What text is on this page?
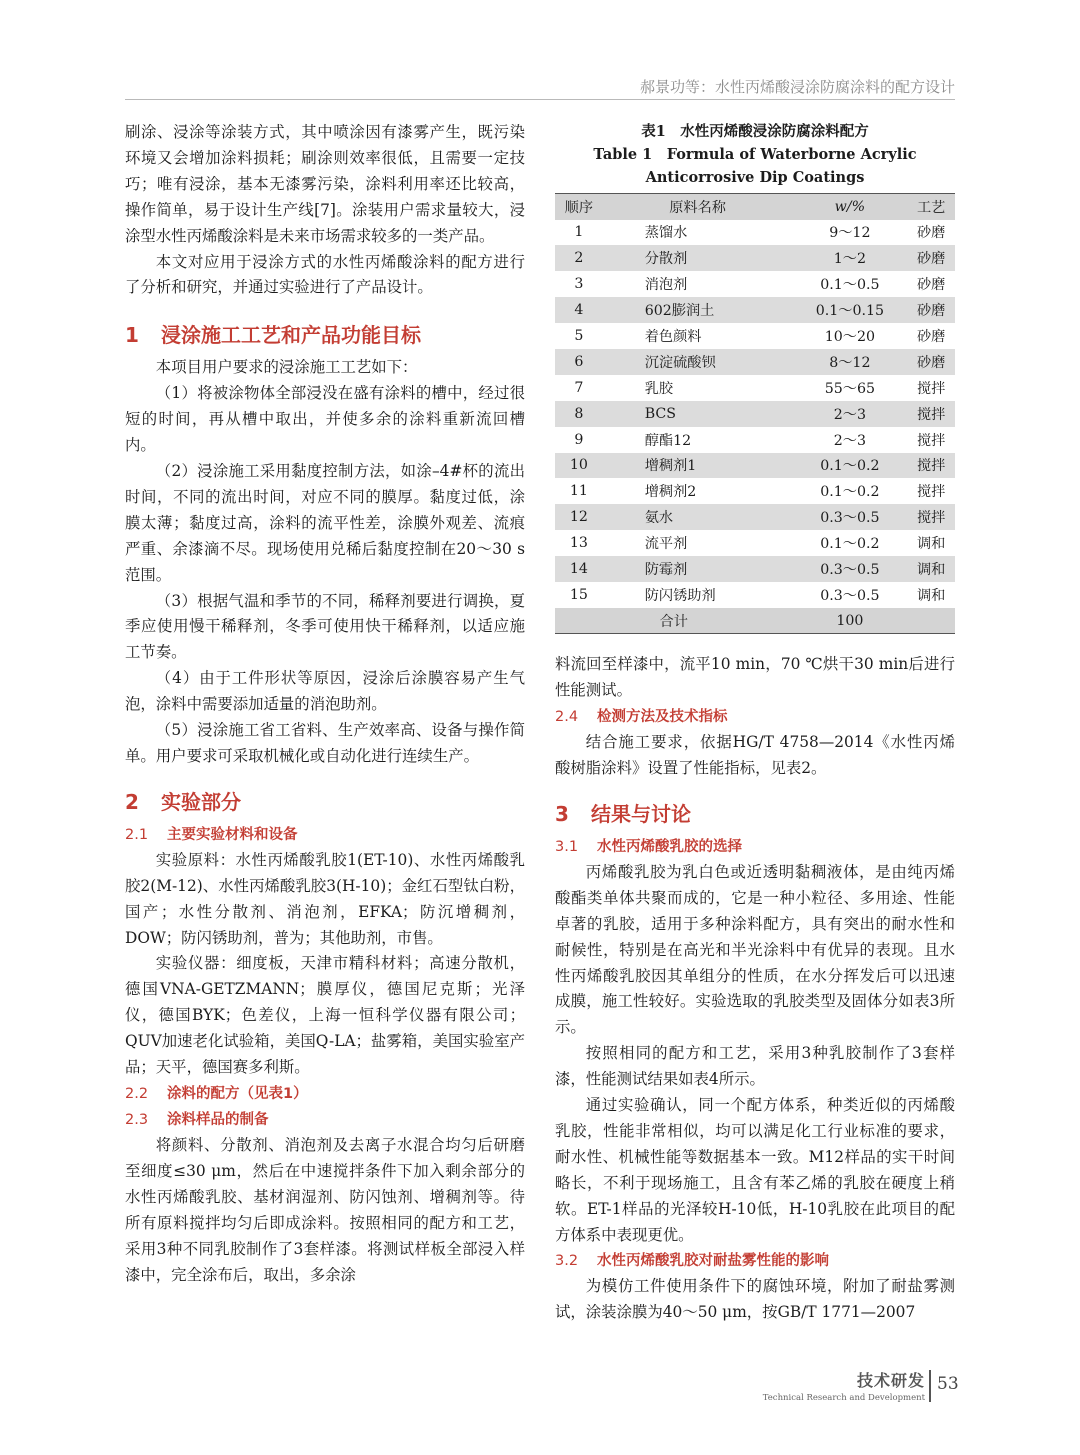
郝景功等：水性丙烯酸浸涂防腐涂料的配方设计

刷涂、浸涂等涂装方式，其中喷涂因有漆雾产生，既污染环境又会增加涂料损耗；刷涂则效率很低，且需要一定技巧；唯有浸涂，基本无漆雾污染，涂料利用率还比较高，操作简单，易于设计生产线[7]。涂装用户需求量较大，浸涂型水性丙烯酸涂料是未来市场需求较多的一类产品。

本文对应用于浸涂方式的水性丙烯酸涂料的配方进行了分析和研究，并通过实验进行了产品设计。

1 浸涂施工工艺和产品功能目标

本项目用户要求的浸涂施工工艺如下：

（1）将被涂物体全部浸没在盛有涂料的槽中，经过很短的时间，再从槽中取出，并使多余的涂料重新流回槽内。

（2）浸涂施工采用黏度控制方法，如涂–4#杯的流出时间，不同的流出时间，对应不同的膜厚。黏度过低，涂膜太薄；黏度过高，涂料的流平性差，涂膜外观差、流痕严重、余漆滴不尽。现场使用兑稀后黏度控制在20～30 s范围。

（3）根据气温和季节的不同，稀释剂要进行调换，夏季应使用慢干稀释剂，冬季可使用快干稀释剂，以适应施工节奏。

（4）由于工件形状等原因，浸涂后涂膜容易产生气泡，涂料中需要添加适量的消泡助剂。

（5）浸涂施工省工省料、生产效率高、设备与操作简单。用户要求可采取机械化或自动化进行连续生产。

2 实验部分
2.1 主要实验材料和设备

实验原料：水性丙烯酸乳胶1(ET-10)、水性丙烯酸乳胶2(M-12)、水性丙烯酸乳胶3(H-10)；金红石型钛白粉，国产；水性分散剂、消泡剂，EFKA；防沉增稠剂，DOW；防闪锈助剂，普为；其他助剂，市售。

实验仪器：细度板，天津市精科材料；高速分散机，德国VNA-GETZMANN；膜厚仪，德国尼克斯；光泽仪，德国BYK；色差仪，上海一恒科学仪器有限公司；QUV加速老化试验箱，美国Q-LA；盐雾箱，美国实验室产品；天平，德国赛多利斯。

2.2 涂料的配方（见表1）
2.3 涂料样品的制备

将颜料、分散剂、消泡剂及去离子水混合均匀后研磨至细度≤30 μm，然后在中速搅拌条件下加入剩余部分的水性丙烯酸乳胶、基材润湿剂、防闪蚀剂、增稠剂等。待所有原料搅拌均匀后即成涂料。按照相同的配方和工艺，采用3种不同乳胶制作了3套样漆。将测试样板全部浸入样漆中，完全涂布后，取出，多余涂

表1　水性丙烯酸浸涂防腐涂料配方
Table 1　Formula of Waterborne Acrylic Anticorrosive Dip Coatings
顺序	原料名称	w/%	工艺
1	蒸馏水	9～12	砂磨
2	分散剂	1～2	砂磨
3	消泡剂	0.1～0.5	砂磨
4	602膨润土	0.1～0.15	砂磨
5	着色颜料	10～20	砂磨
6	沉淀硫酸钡	8～12	砂磨
7	乳胶	55～65	搅拌
8	BCS	2～3	搅拌
9	醇酯12	2～3	搅拌
10	增稠剂1	0.1～0.2	搅拌
11	增稠剂2	0.1～0.2	搅拌
12	氨水	0.3～0.5	搅拌
13	流平剂	0.1～0.2	调和
14	防霉剂	0.3～0.5	调和
15	防闪锈助剂	0.3～0.5	调和
合计		100	

料流回至样漆中，流平10 min，70 ℃烘干30 min后进行性能测试。

2.4 检测方法及技术指标

结合施工要求，依据HG/T 4758—2014《水性丙烯酸树脂涂料》设置了性能指标，见表2。

3 结果与讨论
3.1 水性丙烯酸乳胶的选择

丙烯酸乳胶为乳白色或近透明黏稠液体，是由纯丙烯酸酯类单体共聚而成的，它是一种小粒径、多用途、性能卓著的乳胶，适用于多种涂料配方，具有突出的耐水性和耐候性，特别是在高光和半光涂料中有优异的表现。且水性丙烯酸乳胶因其单组分的性质，在水分挥发后可以迅速成膜，施工性较好。实验选取的乳胶类型及固体分如表3所示。

按照相同的配方和工艺，采用3种乳胶制作了3套样漆，性能测试结果如表4所示。

通过实验确认，同一个配方体系，种类近似的丙烯酸乳胶，性能非常相似，均可以满足化工行业标准的要求，耐水性、机械性能等数据基本一致。M12样品的实干时间略长，不利于现场施工，且含有苯乙烯的乳胶在硬度上稍软。ET-1样品的光泽较H-10低，H-10乳胶在此项目的配方体系中表现更优。

3.2 水性丙烯酸乳胶对耐盐雾性能的影响

为模仿工件使用条件下的腐蚀环境，附加了耐盐雾测试，涂装涂膜为40～50 μm，按GB/T 1771—2007

技术研发
Technical Research and Development
53
